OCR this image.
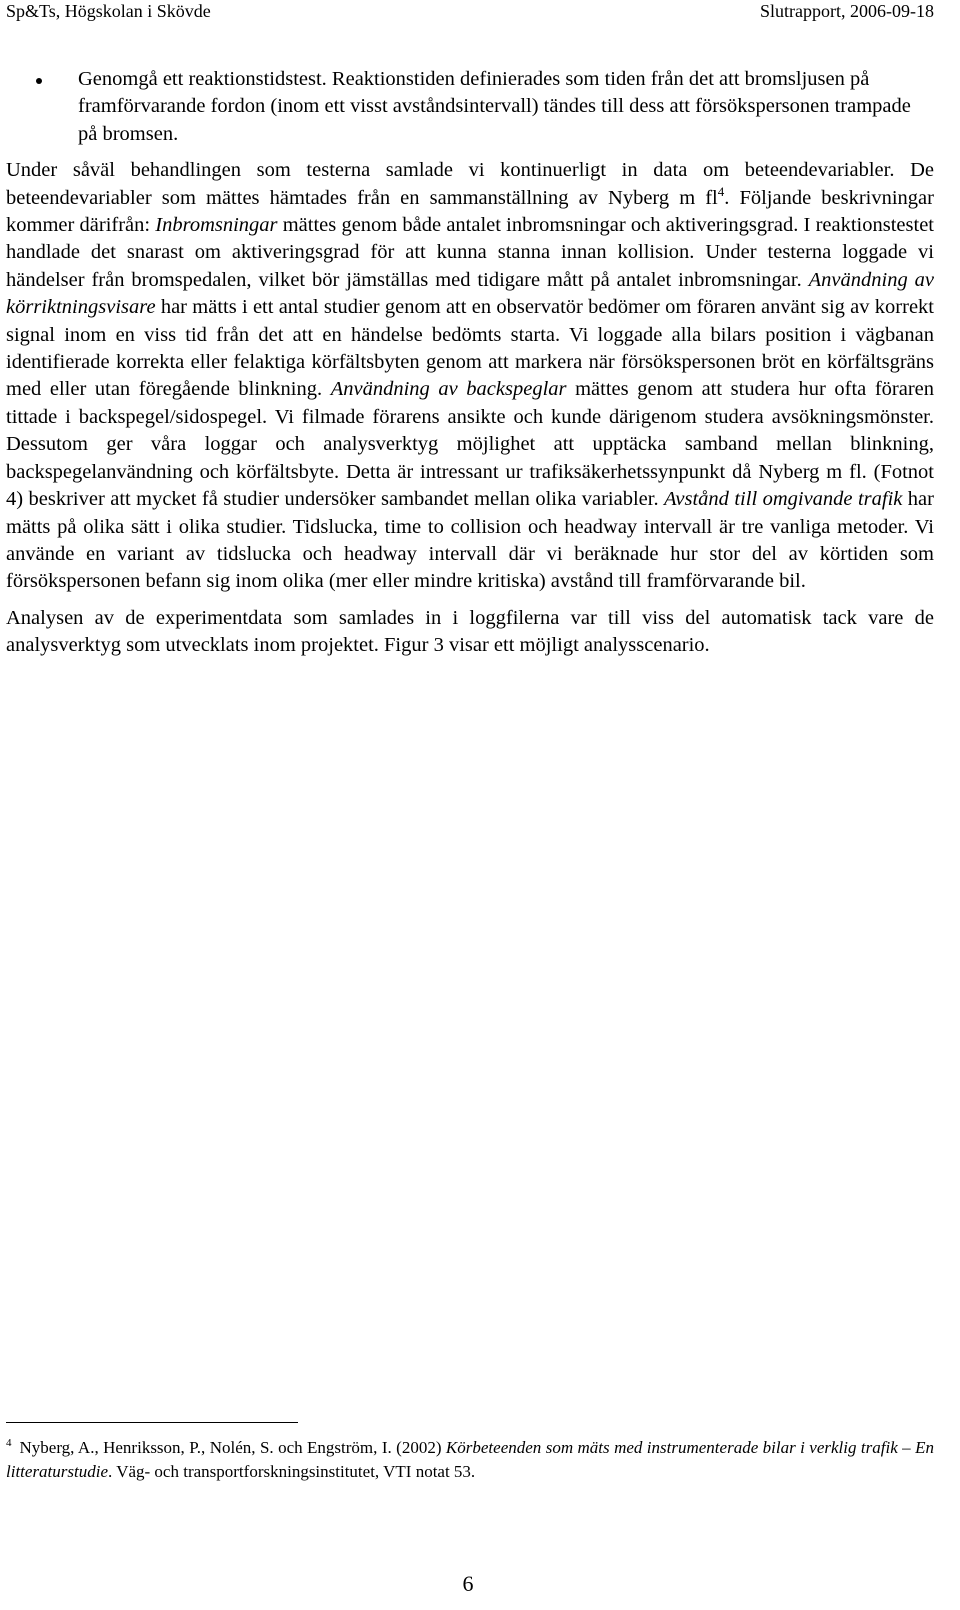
Sp&Ts, Högskolan i Skövde	Slutrapport, 2006-09-18

Genomgå ett reaktionstidstest. Reaktionstiden definierades som tiden från det att bromsljusen på framförvarande fordon (inom ett visst avståndsintervall) tändes till dess att försökspersonen trampade på bromsen.

Under såväl behandlingen som testerna samlade vi kontinuerligt in data om beteendevariabler. De beteendevariabler som mättes hämtades från en sammanställning av Nyberg m $fl^4$. Följande beskrivningar kommer därifrån: Inbromsningar mättes genom både antalet inbromsningar och aktiveringsgrad. I reaktionstestet handlade det snarast om aktiveringsgrad för att kunna stanna innan kollision. Under testerna loggade vi händelser från bromspedalen, vilket bör jämställas med tidigare mått på antalet inbromsningar. Användning av körriktningsvisare har mätts i ett antal studier genom att en observatör bedömer om föraren använt sig av korrekt signal inom en viss tid från det att en händelse bedömts starta. Vi loggade alla bilars position i vägbanan identifierade korrekta eller felaktiga körfältsbyten genom att markera när försökspersonen bröt en körfältsgräns med eller utan föregående blinkning. Användning av backspeglar mättes genom att studera hur ofta föraren tittade i backspegel/sidospegel. Vi filmade förarens ansikte och kunde därigenom studera avsökningsmönster. Dessutom ger våra loggar och analysverktyg möjlighet att upptäcka samband mellan blinkning, backspegelanvändning och körfältsbyte. Detta är intressant ur trafiksäkerhetssynpunkt då Nyberg m fl. (Fotnot 4) beskriver att mycket få studier undersöker sambandet mellan olika variabler. Avstånd till omgivande trafik har mätts på olika sätt i olika studier. Tidslucka, time to collision och headway intervall är tre vanliga metoder. Vi använde en variant av tidslucka och headway intervall där vi beräknade hur stor del av körtiden som försökspersonen befann sig inom olika (mer eller mindre kritiska) avstånd till framförvarande bil.

Analysen av de experimentdata som samlades in i loggfilerna var till viss del automatisk tack vare de analysverktyg som utvecklats inom projektet. Figur 3 visar ett möjligt analysscenario.

$^4$ Nyberg, A., Henriksson, P., Nolén, S. och Engström, I. (2002) Körbeteenden som mäts med instrumenterade bilar i verklig trafik – En litteraturstudie. Väg- och transportforskningsinstitutet, VTI notat 53.

6
